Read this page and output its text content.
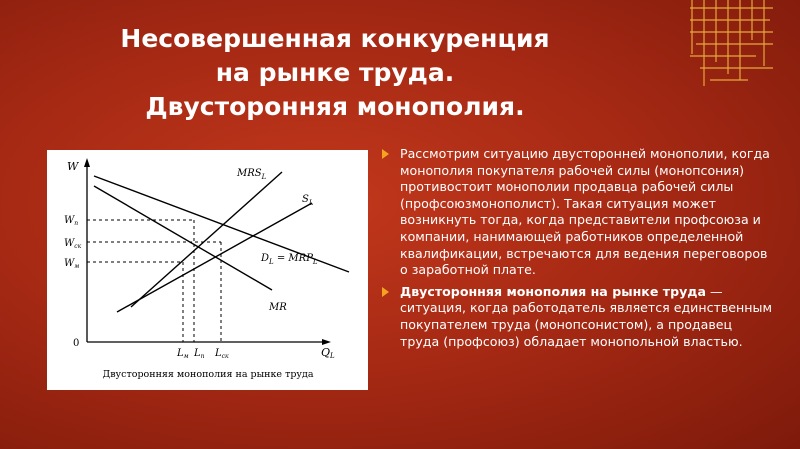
Несовершенная конкуренция
на рынке труда.
Двусторонняя монополия.
W
0
QL
$W_п$
$W_{ск}$
$W_м$
$L_м$ $L_п$ $L_{ск}$
$MRS_L$
$S_L$
$D_L = MRP_L$
MR
Двусторонняя монополия на рынке труда
Рассмотрим ситуацию двусторонней монополии, когда монополия покупателя рабочей силы (монопсония) противостоит монополии продавца рабочей силы (профсоюзмонополист). Такая ситуация может возникнуть тогда, когда представители профсоюза и компании, нанимающей работников определенной квалификации, встречаются для ведения переговоров о заработной плате.
Двусторонняя монополия на рынке труда — ситуация, когда работодатель является единственным покупателем труда (монопсонистом), а продавец труда (профсоюз) обладает монопольной властью.
